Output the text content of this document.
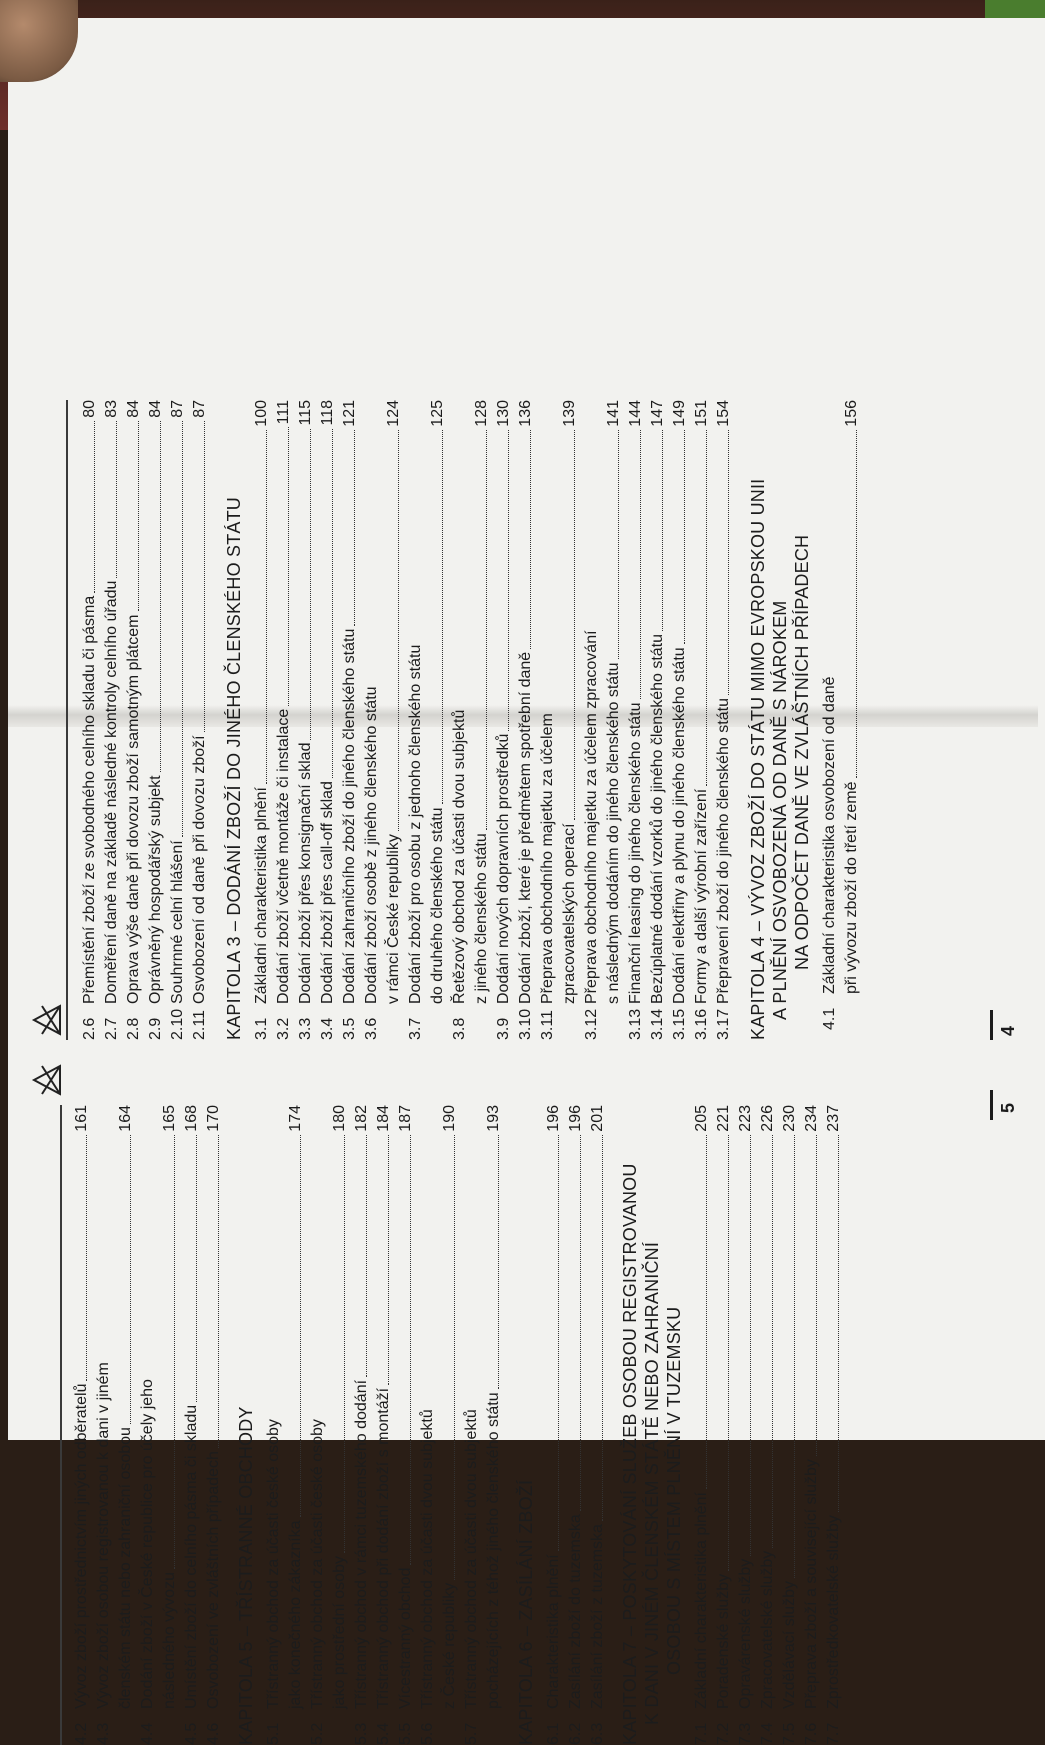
2.6
Přemístění zboží ze svobodného celního skladu či pásma
80
2.7
Doměření daně na základě následné kontroly celního úřadu
83
2.8
Oprava výše daně při dovozu zboží samotným plátcem
84
2.9
Oprávněný hospodářský subjekt
84
2.10
Souhrnné celní hlášení
87
2.11
Osvobození od daně při dovozu zboží
87
KAPITOLA 3 – DODÁNÍ ZBOŽÍ DO JINÉHO ČLENSKÉHO STÁTU 3.1
Základní charakteristika plnění
100
3.2
Dodání zboží včetně montáže či instalace
111
3.3
Dodání zboží přes konsignační sklad
115
3.4
Dodání zboží přes call-off sklad
118
3.5
Dodání zahraničního zboží do jiného členského státu
121
3.6
Dodání zboží osobě z jiného členského státu v rámci České republiky
124
3.7
Dodání zboží pro osobu z jednoho členského státu do druhého členského státu
125
3.8
Řetězový obchod za účasti dvou subjektů z jiného členského státu
128
3.9
Dodání nových dopravních prostředků
130
3.10
Dodání zboží, které je předmětem spotřební daně
136
3.11
Přeprava obchodního majetku za účelem zpracovatelských operací
139
3.12
Přeprava obchodního majetku za účelem zpracování s následným dodáním do jiného členského státu
141
3.13
Finanční leasing do jiného členského státu
144
3.14
Bezúplatné dodání vzorků do jiného členského státu
147
3.15
Dodání elektřiny a plynu do jiného členského státu
149
3.16
Formy a další výrobní zařízení
151
3.17
Přepravení zboží do jiného členského státu
154
KAPITOLA 4 – VÝVOZ ZBOŽÍ DO STÁTU MIMO EVROPSKOU UNII A PLNĚNÍ OSVOBOZENÁ OD DANĚ S NÁROKEM NA ODPOČET DANĚ VE ZVLÁŠTNÍCH PŘÍPADECH
4.1
Základní charakteristika osvobození od daně při vývozu zboží do třetí země
156
4
4.2
Vývoz zboží prostřednictvím jiných odběratelů
161
4.3
Vývoz zboží osobou registrovanou k dani v jiném členském státu nebo zahraniční osobou
164
4.4
Dodání zboží v České republice pro účely jeho následného vývozu
165
4.5
Umístění zboží do celního pásma či skladu
168
4.6
Osvobození ve zvláštních případech
170
KAPITOLA 5 – TŘÍSTRANNÉ OBCHODY 5.1
Třístranný obchod za účasti české osoby jako konečného zákazníka
174
5.2
Třístranný obchod za účasti české osoby jako prostřední osoby
180
5.3
Třístranný obchod v rámci tuzemského dodání
182
5.4
Třístranný obchod při dodání zboží s montáží
184
5.5
Vícestranný obchod
187
5.6
Třístranný obchod za účasti dvou subjektů z České republiky
190
5.7
Třístranný obchod za účasti dvou subjektů pocházejících z téhož jiného členského státu
193
KAPITOLA 6 – ZASÍLÁNÍ ZBOŽÍ 6.1
Charakteristika plnění
196
6.2
Zasílání zboží do tuzemska
196
6.3
Zasílání zboží z tuzemska
201
KAPITOLA 7 – POSKYTOVÁNÍ SLUŽEB OSOBOU REGISTROVANOU K DANI V JINÉM ČLENSKÉM STÁTĚ NEBO ZAHRANIČNÍ OSOBOU S MÍSTEM PLNĚNÍ V TUZEMSKU
7.1
Základní charakteristika plnění
205
7.2
Poradenské služby
221
7.3
Opravárenské služby
223
7.4
Zpracovatelské služby
226
7.5
Vzdělávací služby
230
7.6
Přeprava zboží a související služby
234
7.7
Zprostředkovatelské služby
237	5
